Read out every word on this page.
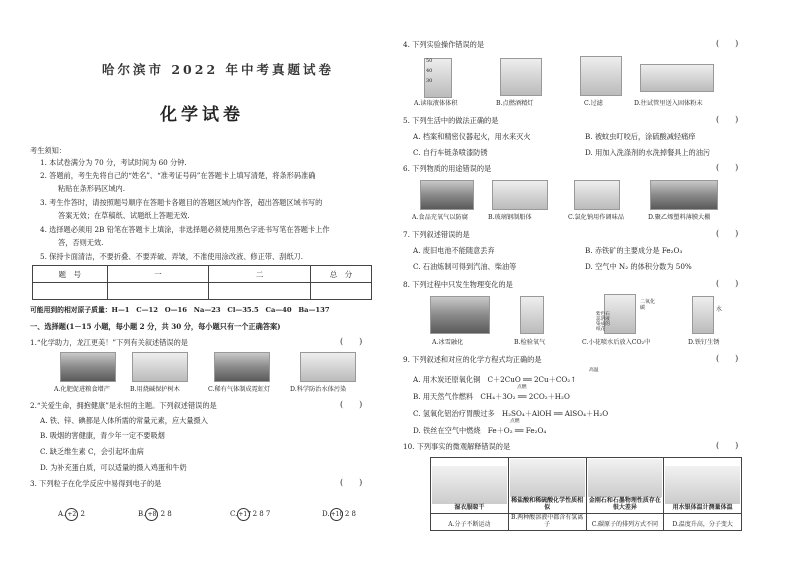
哈尔滨市 2022 年中考真题试卷
化学试卷
考生须知：
1. 本试卷满分为 70 分，考试时间为 60 分钟.
2. 答题前，考生先将自己的“姓名”、“准考证号码”在答题卡上填写清楚，将条形码准确
粘贴在条形码区域内.
3. 考生作答时，请按照题号顺序在答题卡各题目的答题区域内作答，超出答题区域书写的
答案无效；在草稿纸、试题纸上答题无效.
4. 选择题必须用 2B 铅笔在答题卡上填涂，非选择题必须使用黑色字迹书写笔在答题卡上作
答，否则无效.
5. 保持卡面清洁，不要折叠、不要弄破、弄皱，不准使用涂改液、修正带、刮纸刀.
题　号	一	二	总　分

可能用到的相对原子质量：H—1　C—12　O—16　Na—23　Cl—35.5　Ca—40　Ba—137
一、选择题(1－15 小题，每小题 2 分，共 30 分，每小题只有一个正确答案)
1.“化学助力，龙江更美！”下列有关叙述错误的是	(　　)
A.化肥促进粮食增产	B.用烧碱保护树木	C.稀有气体制成霓虹灯	D.科学防治水体污染
2.“关爱生命，拥抱健康”是永恒的主题。下列叙述错误的是	(　　)
A. 铁、锌、碘都是人体所需的常量元素，应大量摄入
B. 吸烟的害健康，青少年一定不要吸烟
C. 缺乏维生素 C，会引起坏血病
D. 为补充蛋白质，可以适量的摄入鸡蛋和牛奶
3. 下列粒子在化学反应中易得到电子的是	(　　)
A. +2 2	B. +8 2 8	C.+17 2 8 7	D.+10 2 8
4. 下列实验操作错误的是	(　　)
50
40
30
A.读取液体体积	B.点燃酒精灯	C.过滤	D.往试管里送入固体粉末
5. 下列生活中的做法正确的是	(　　)
A. 档案和精密仪器起火，用水来灭火	B. 被蚊虫叮咬后，涂硫酸减轻痛痒
C. 自行车链条喷漆防锈	D. 用加入洗涤剂的水洗掉餐具上的油污
6. 下列物质的用途错误的是	(　　)
A.食品充氧气以防腐	B.玻璃钢制船体	C.氯化钠用作调味品	D.聚乙烯塑料薄膜大棚
7. 下列叙述错误的是	(　　)
A. 废旧电池不能随意丢弃	B. 赤铁矿的主要成分是 Fe₂O₃
C. 石油炼制可得到汽油、柴油等	D. 空气中 N₂ 的体积分数为 50%
8. 下列过程中只发生物理变化的是	(　　)
二氧化碳
紫色石蕊溶液染成的纸花
水
A.冰雪融化	B.检验氧气	C.小花喷水后放入CO₂中	D.铁钉生锈
9. 下列叙述和对应的化学方程式均正确的是	(　　)
高温
A. 用木炭还原氧化铜　C＋2CuO ══ 2Cu＋CO₂↑
点燃
B. 用天然气作燃料　CH₄＋3O₂ ══ 2CO₂＋H₂O
C. 氢氧化铝治疗胃酸过多　H₂SO₄＋AlOH ══ AlSO₄＋H₂O
点燃
D. 铁丝在空气中燃烧　Fe＋O₂ ══ Fe₂O₄
10. 下列事实的微观解释错误的是	(　　)
湿衣服晾干	稀盐酸和稀硫酸化学性质相似	金刚石和石墨物理性质存在很大差异	用水银体温计测量体温

A.分子不断运动	B.两种酸溶液中都含有氢离子	C.碳原子的排列方式不同	D.温度升高，分子变大
